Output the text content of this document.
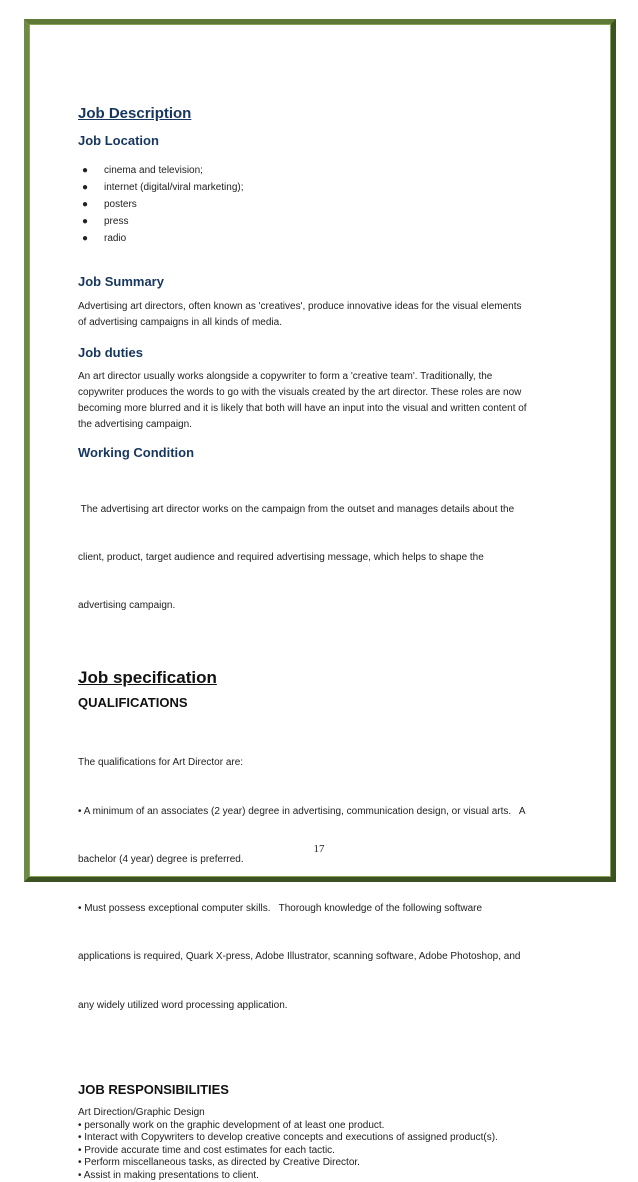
Job Description
Job Location
● cinema and television;
● internet (digital/viral marketing);
● posters
● press
● radio
Job Summary
Advertising art directors, often known as 'creatives', produce innovative ideas for the visual elements
of advertising campaigns in all kinds of media.
Job duties
An art director usually works alongside a copywriter to form a 'creative team'. Traditionally, the
copywriter produces the words to go with the visuals created by the art director. These roles are now
becoming more blurred and it is likely that both will have an input into the visual and written content of
the advertising campaign.
Working Condition

The advertising art director works on the campaign from the outset and manages details about the

client, product, target audience and required advertising message, which helps to shape the

advertising campaign.

Job specification
QUALIFICATIONS

The qualifications for Art Director are:

• A minimum of an associates (2 year) degree in advertising, communication design, or visual arts.   A

bachelor (4 year) degree is preferred.

• Must possess exceptional computer skills.   Thorough knowledge of the following software

applications is required, Quark X-press, Adobe Illustrator, scanning software, Adobe Photoshop, and

any widely utilized word processing application.

JOB RESPONSIBILITIES
Art Direction/Graphic Design
• personally work on the graphic development of at least one product.
• Interact with Copywriters to develop creative concepts and executions of assigned product(s).
• Provide accurate time and cost estimates for each tactic.
• Perform miscellaneous tasks, as directed by Creative Director.
• Assist in making presentations to client.
17
